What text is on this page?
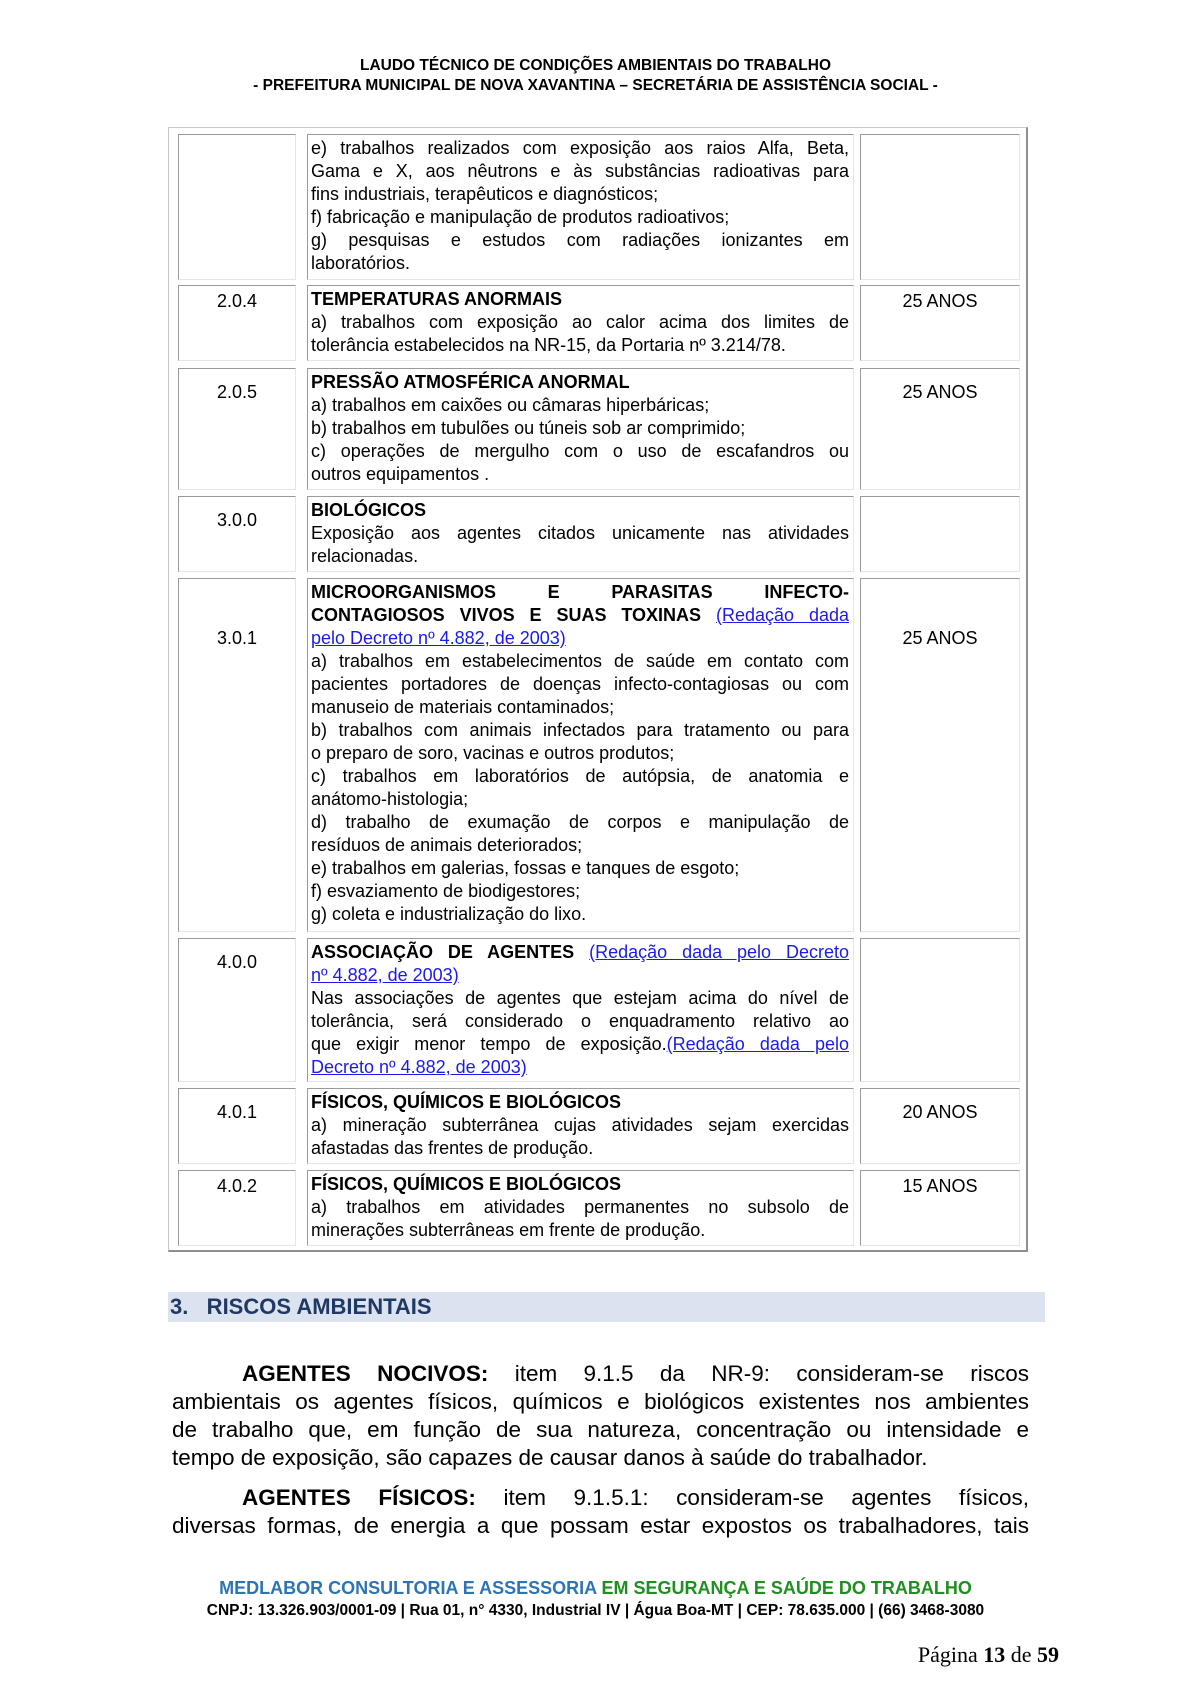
LAUDO TÉCNICO DE CONDIÇÕES AMBIENTAIS DO TRABALHO
- PREFEITURA MUNICIPAL DE NOVA XAVANTINA – SECRETÁRIA DE ASSISTÊNCIA SOCIAL -
e) trabalhos realizados com exposição aos raios Alfa, Beta,
Gama e X, aos nêutrons e às substâncias radioativas para
fins industriais, terapêuticos e diagnósticos;
f) fabricação e manipulação de produtos radioativos;
g) pesquisas e estudos com radiações ionizantes em
laboratórios.
2.0.4	TEMPERATURAS ANORMAIS
a) trabalhos com exposição ao calor acima dos limites de
tolerância estabelecidos na NR-15, da Portaria nº 3.214/78.
25 ANOS
2.0.5	PRESSÃO ATMOSFÉRICA ANORMAL
a) trabalhos em caixões ou câmaras hiperbáricas;
b) trabalhos em tubulões ou túneis sob ar comprimido;
c) operações de mergulho com o uso de escafandros ou
outros equipamentos .
25 ANOS
3.0.0	BIOLÓGICOS
Exposição aos agentes citados unicamente nas atividades
relacionadas.
3.0.1
MICROORGANISMOS E PARASITAS INFECTO-
CONTAGIOSOS VIVOS E SUAS TOXINAS (Redação dada
pelo Decreto nº 4.882, de 2003)
a) trabalhos em estabelecimentos de saúde em contato com
pacientes portadores de doenças infecto-contagiosas ou com
manuseio de materiais contaminados;
b) trabalhos com animais infectados para tratamento ou para
o preparo de soro, vacinas e outros produtos;
c) trabalhos em laboratórios de autópsia, de anatomia e
anátomo-histologia;
d) trabalho de exumação de corpos e manipulação de
resíduos de animais deteriorados;
e) trabalhos em galerias, fossas e tanques de esgoto;
f) esvaziamento de biodigestores;
g) coleta e industrialização do lixo.
25 ANOS
4.0.0	ASSOCIAÇÃO DE AGENTES (Redação dada pelo Decreto
nº 4.882, de 2003)
Nas associações de agentes que estejam acima do nível de
tolerância, será considerado o enquadramento relativo ao
que exigir menor tempo de exposição.(Redação dada pelo
Decreto nº 4.882, de 2003)
4.0.1	FÍSICOS, QUÍMICOS E BIOLÓGICOS
a) mineração subterrânea cujas atividades sejam exercidas
afastadas das frentes de produção.
20 ANOS
4.0.2	FÍSICOS, QUÍMICOS E BIOLÓGICOS
a) trabalhos em atividades permanentes no subsolo de
minerações subterrâneas em frente de produção.
15 ANOS
3.   RISCOS AMBIENTAIS
AGENTES NOCIVOS: item 9.1.5 da NR-9: consideram-se riscos
ambientais os agentes físicos, químicos e biológicos existentes nos ambientes
de trabalho que, em função de sua natureza, concentração ou intensidade e
tempo de exposição, são capazes de causar danos à saúde do trabalhador.
AGENTES FÍSICOS: item 9.1.5.1: consideram-se agentes físicos,
diversas formas, de energia a que possam estar expostos os trabalhadores, tais
MEDLABOR CONSULTORIA E ASSESSORIA EM SEGURANÇA E SAÚDE DO TRABALHO
CNPJ: 13.326.903/0001-09 | Rua 01, n° 4330, Industrial IV | Água Boa-MT | CEP: 78.635.000 | (66) 3468-3080
Página 13 de 59
